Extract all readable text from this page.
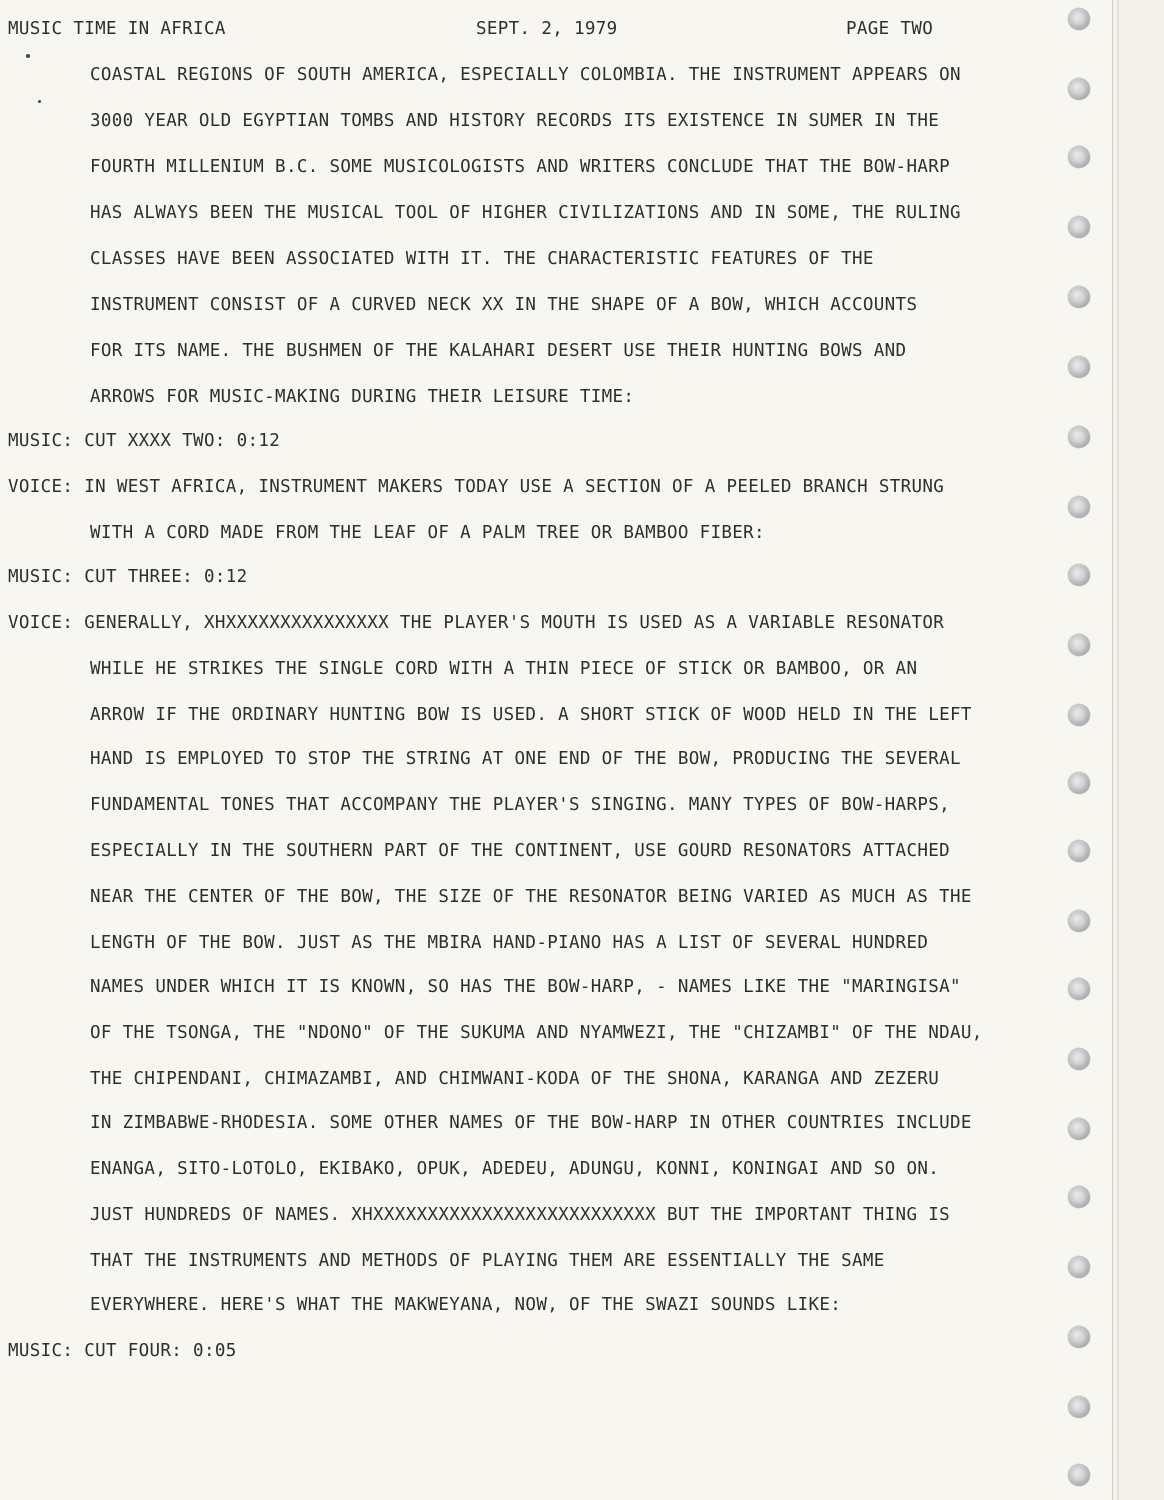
MUSIC TIME IN AFRICA	SEPT. 2, 1979	PAGE TWO
COASTAL REGIONS OF SOUTH AMERICA, ESPECIALLY COLOMBIA. THE INSTRUMENT APPEARS ON
3000 YEAR OLD EGYPTIAN TOMBS AND HISTORY RECORDS ITS EXISTENCE IN SUMER IN THE
FOURTH MILLENIUM B.C. SOME MUSICOLOGISTS AND WRITERS CONCLUDE THAT THE BOW-HARP
HAS ALWAYS BEEN THE MUSICAL TOOL OF HIGHER CIVILIZATIONS AND IN SOME, THE RULING
CLASSES HAVE BEEN ASSOCIATED WITH IT. THE CHARACTERISTIC FEATURES OF THE
INSTRUMENT CONSIST OF A CURVED NECK XX IN THE SHAPE OF A BOW, WHICH ACCOUNTS
FOR ITS NAME. THE BUSHMEN OF THE KALAHARI DESERT USE THEIR HUNTING BOWS AND
ARROWS FOR MUSIC-MAKING DURING THEIR LEISURE TIME:
MUSIC: CUT XXXX TWO: 0:12
VOICE: IN WEST AFRICA, INSTRUMENT MAKERS TODAY USE A SECTION OF A PEELED BRANCH STRUNG
WITH A CORD MADE FROM THE LEAF OF A PALM TREE OR BAMBOO FIBER:
MUSIC: CUT THREE: 0:12
VOICE: GENERALLY, XHXXXXXXXXXXXXXXX THE PLAYER'S MOUTH IS USED AS A VARIABLE RESONATOR
WHILE HE STRIKES THE SINGLE CORD WITH A THIN PIECE OF STICK OR BAMBOO, OR AN
ARROW IF THE ORDINARY HUNTING BOW IS USED. A SHORT STICK OF WOOD HELD IN THE LEFT
HAND IS EMPLOYED TO STOP THE STRING AT ONE END OF THE BOW, PRODUCING THE SEVERAL
FUNDAMENTAL TONES THAT ACCOMPANY THE PLAYER'S SINGING. MANY TYPES OF BOW-HARPS,
ESPECIALLY IN THE SOUTHERN PART OF THE CONTINENT, USE GOURD RESONATORS ATTACHED
NEAR THE CENTER OF THE BOW, THE SIZE OF THE RESONATOR BEING VARIED AS MUCH AS THE
LENGTH OF THE BOW. JUST AS THE MBIRA HAND-PIANO HAS A LIST OF SEVERAL HUNDRED
NAMES UNDER WHICH IT IS KNOWN, SO HAS THE BOW-HARP, - NAMES LIKE THE "MARINGISA"
OF THE TSONGA, THE "NDONO" OF THE SUKUMA AND NYAMWEZI, THE "CHIZAMBI" OF THE NDAU,
THE CHIPENDANI, CHIMAZAMBI, AND CHIMWANI-KODA OF THE SHONA, KARANGA AND ZEZERU
IN ZIMBABWE-RHODESIA. SOME OTHER NAMES OF THE BOW-HARP IN OTHER COUNTRIES INCLUDE
ENANGA, SITO-LOTOLO, EKIBAKO, OPUK, ADEDEU, ADUNGU, KONNI, KONINGAI AND SO ON.
JUST HUNDREDS OF NAMES. XHXXXXXXXXXXXXXXXXXXXXXXXXXX BUT THE IMPORTANT THING IS
THAT THE INSTRUMENTS AND METHODS OF PLAYING THEM ARE ESSENTIALLY THE SAME
EVERYWHERE. HERE'S WHAT THE MAKWEYANA, NOW, OF THE SWAZI SOUNDS LIKE:
MUSIC: CUT FOUR: 0:05
